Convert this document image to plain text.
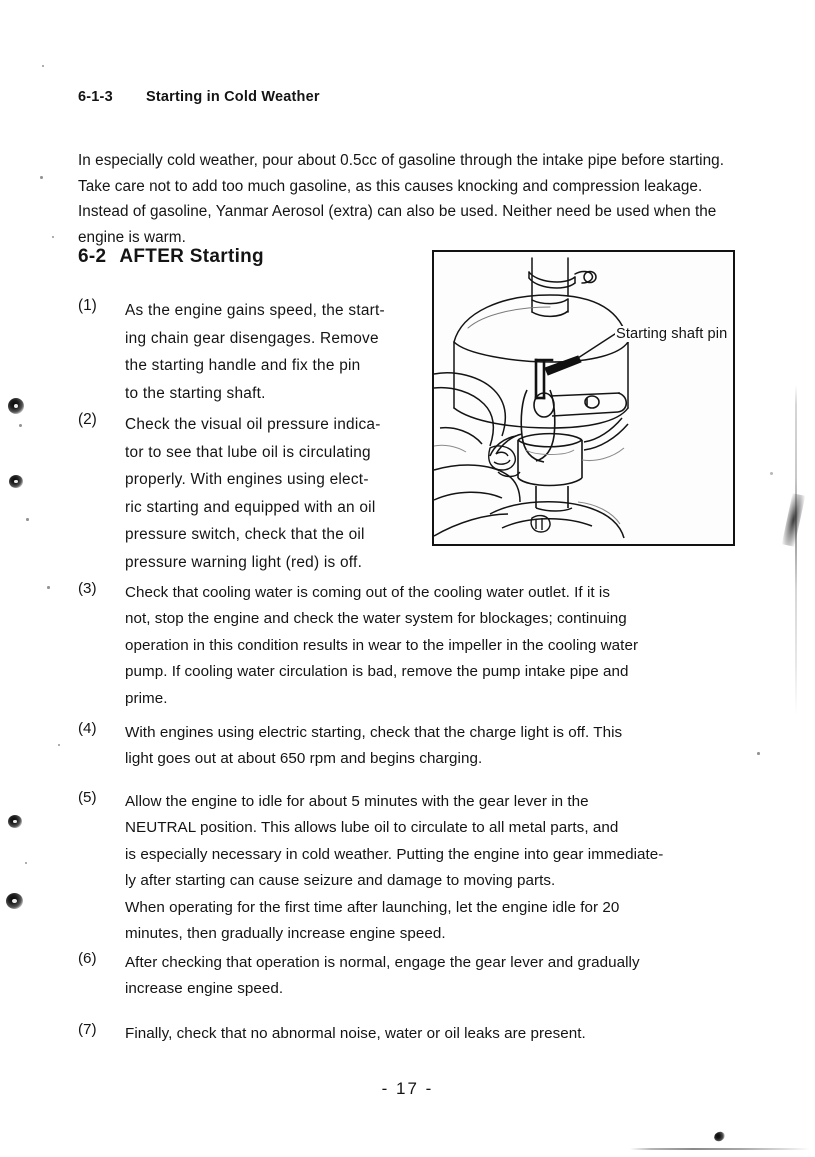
6-1-3 Starting in Cold Weather

In especially cold weather, pour about 0.5cc of gasoline through the intake pipe before starting. Take care not to add too much gasoline, as this causes knocking and compression leakage. Instead of gasoline, Yanmar Aerosol (extra) can also be used. Neither need be used when the engine is warm.

6-2 AFTER Starting
Starting shaft pin
(1)	As the engine gains speed, the start-
ing chain gear disengages. Remove
the starting handle and fix the pin
to the starting shaft.
(2)	Check the visual oil pressure indica-
tor to see that lube oil is circulating
properly. With engines using elect-
ric starting and equipped with an oil
pressure switch, check that the oil
pressure warning light (red) is off.
(3)	Check that cooling water is coming out of the cooling water outlet. If it is
not, stop the engine and check the water system for blockages; continuing
operation in this condition results in wear to the impeller in the cooling water
pump. If cooling water circulation is bad, remove the pump intake pipe and
prime.
(4)	With engines using electric starting, check that the charge light is off. This
light goes out at about 650 rpm and begins charging.
(5)	Allow the engine to idle for about 5 minutes with the gear lever in the
NEUTRAL position. This allows lube oil to circulate to all metal parts, and
is especially necessary in cold weather. Putting the engine into gear immediate-
ly after starting can cause seizure and damage to moving parts.
When operating for the first time after launching, let the engine idle for 20
minutes, then gradually increase engine speed.
(6)	After checking that operation is normal, engage the gear lever and gradually
increase engine speed.
(7)	Finally, check that no abnormal noise, water or oil leaks are present.
- 17 -
